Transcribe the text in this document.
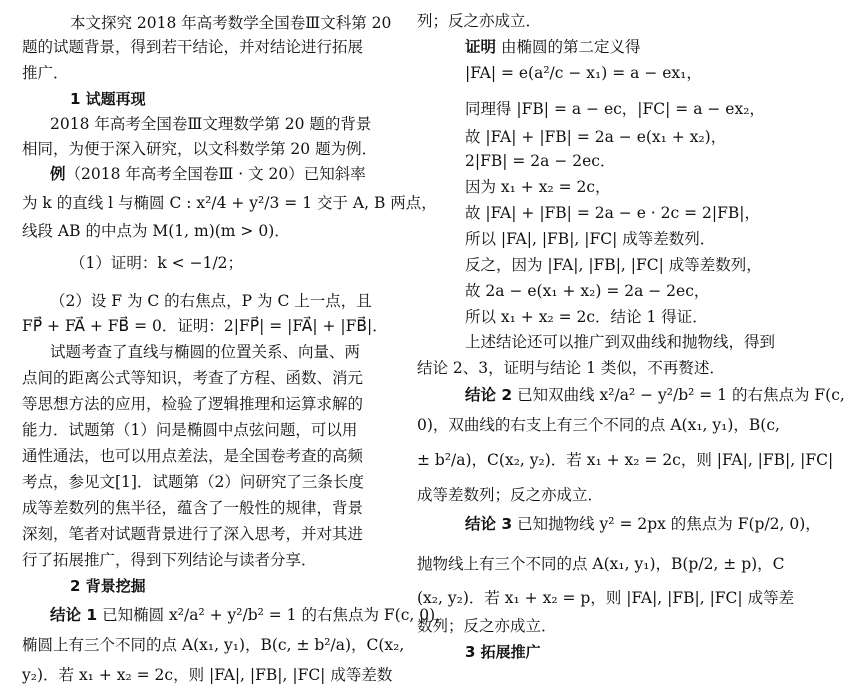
本文探究 2018 年高考数学全国卷Ⅲ文科第 20
题的试题背景，得到若干结论，并对结论进行拓展
推广．
1 试题再现
2018 年高考全国卷Ⅲ文理数学第 20 题的背景
相同，为便于深入研究，以文科数学第 20 题为例．
例（2018 年高考全国卷Ⅲ · 文 20）已知斜率
为 k 的直线 l 与椭圆 C : x²/4 + y²/3 = 1 交于 A, B 两点，
线段 AB 的中点为 M(1, m)(m > 0)．
（1）证明：k < −1/2；
（2）设 F 为 C 的右焦点，P 为 C 上一点，且
FP⃗ + FA⃗ + FB⃗ = 0．证明：2|FP⃗| = |FA⃗| + |FB⃗|．
试题考查了直线与椭圆的位置关系、向量、两
点间的距离公式等知识，考查了方程、函数、消元
等思想方法的应用，检验了逻辑推理和运算求解的
能力．试题第（1）问是椭圆中点弦问题，可以用
通性通法，也可以用点差法，是全国卷考查的高频
考点，参见文[1]．试题第（2）问研究了三条长度
成等差数列的焦半径，蕴含了一般性的规律，背景
深刻，笔者对试题背景进行了深入思考，并对其进
行了拓展推广，得到下列结论与读者分享．
2 背景挖掘
结论 1 已知椭圆 x²/a² + y²/b² = 1 的右焦点为 F(c, 0)，
椭圆上有三个不同的点 A(x₁, y₁)，B(c, ± b²/a)，C(x₂,
y₂)．若 x₁ + x₂ = 2c，则 |FA|, |FB|, |FC| 成等差数
列；反之亦成立．
证明 由椭圆的第二定义得
|FA| = e(a²/c − x₁) = a − ex₁，
同理得 |FB| = a − ec，|FC| = a − ex₂，
故 |FA| + |FB| = 2a − e(x₁ + x₂)，
2|FB| = 2a − 2ec．
因为 x₁ + x₂ = 2c，
故 |FA| + |FB| = 2a − e · 2c = 2|FB|，
所以 |FA|, |FB|, |FC| 成等差数列．
反之，因为 |FA|, |FB|, |FC| 成等差数列，
故 2a − e(x₁ + x₂) = 2a − 2ec，
所以 x₁ + x₂ = 2c．结论 1 得证．
上述结论还可以推广到双曲线和抛物线，得到
结论 2、3，证明与结论 1 类似，不再赘述．
结论 2 已知双曲线 x²/a² − y²/b² = 1 的右焦点为 F(c,
0)，双曲线的右支上有三个不同的点 A(x₁, y₁)，B(c,
± b²/a)，C(x₂, y₂)．若 x₁ + x₂ = 2c，则 |FA|, |FB|, |FC|
成等差数列；反之亦成立．
结论 3 已知抛物线 y² = 2px 的焦点为 F(p/2, 0)，
抛物线上有三个不同的点 A(x₁, y₁)，B(p/2, ± p)，C
(x₂, y₂)．若 x₁ + x₂ = p，则 |FA|, |FB|, |FC| 成等差
数列；反之亦成立．
3 拓展推广
